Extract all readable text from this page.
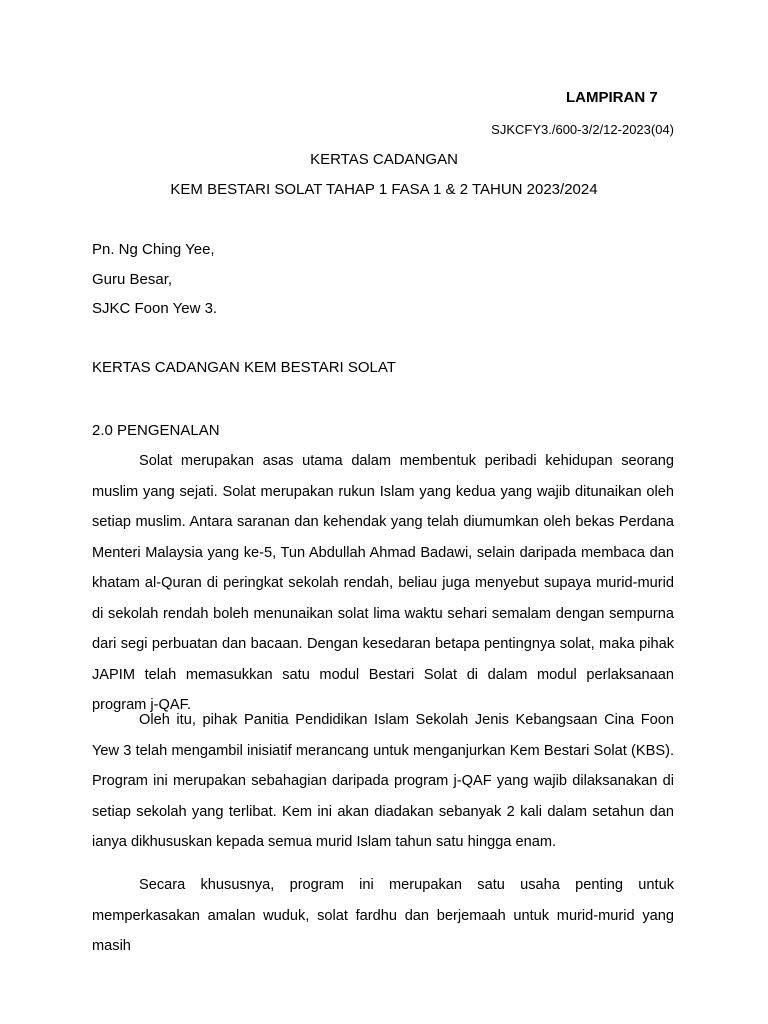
LAMPIRAN 7
SJKCFY3./600-3/2/12-2023(04)
KERTAS CADANGAN
KEM BESTARI SOLAT TAHAP 1 FASA 1 & 2 TAHUN 2023/2024
Pn. Ng Ching Yee,
Guru Besar,
SJKC Foon Yew 3.
KERTAS CADANGAN KEM BESTARI SOLAT
2.0 PENGENALAN

Solat merupakan asas utama dalam membentuk peribadi kehidupan seorang muslim yang sejati. Solat merupakan rukun Islam yang kedua yang wajib ditunaikan oleh setiap muslim. Antara saranan dan kehendak yang telah diumumkan oleh bekas Perdana Menteri Malaysia yang ke-5, Tun Abdullah Ahmad Badawi, selain daripada membaca dan khatam al-Quran di peringkat sekolah rendah, beliau juga menyebut supaya murid-murid di sekolah rendah boleh menunaikan solat lima waktu sehari semalam dengan sempurna dari segi perbuatan dan bacaan. Dengan kesedaran betapa pentingnya solat, maka pihak JAPIM telah memasukkan satu modul Bestari Solat di dalam modul perlaksanaan program j-QAF.

Oleh itu, pihak Panitia Pendidikan Islam Sekolah Jenis Kebangsaan Cina Foon Yew 3 telah mengambil inisiatif merancang untuk menganjurkan Kem Bestari Solat (KBS). Program ini merupakan sebahagian daripada program j-QAF yang wajib dilaksanakan di setiap sekolah yang terlibat. Kem ini akan diadakan sebanyak 2 kali dalam setahun dan ianya dikhususkan kepada semua murid Islam tahun satu hingga enam.

Secara khususnya, program ini merupakan satu usaha penting untuk memperkasakan amalan wuduk, solat fardhu dan berjemaah untuk murid-murid yang masih
